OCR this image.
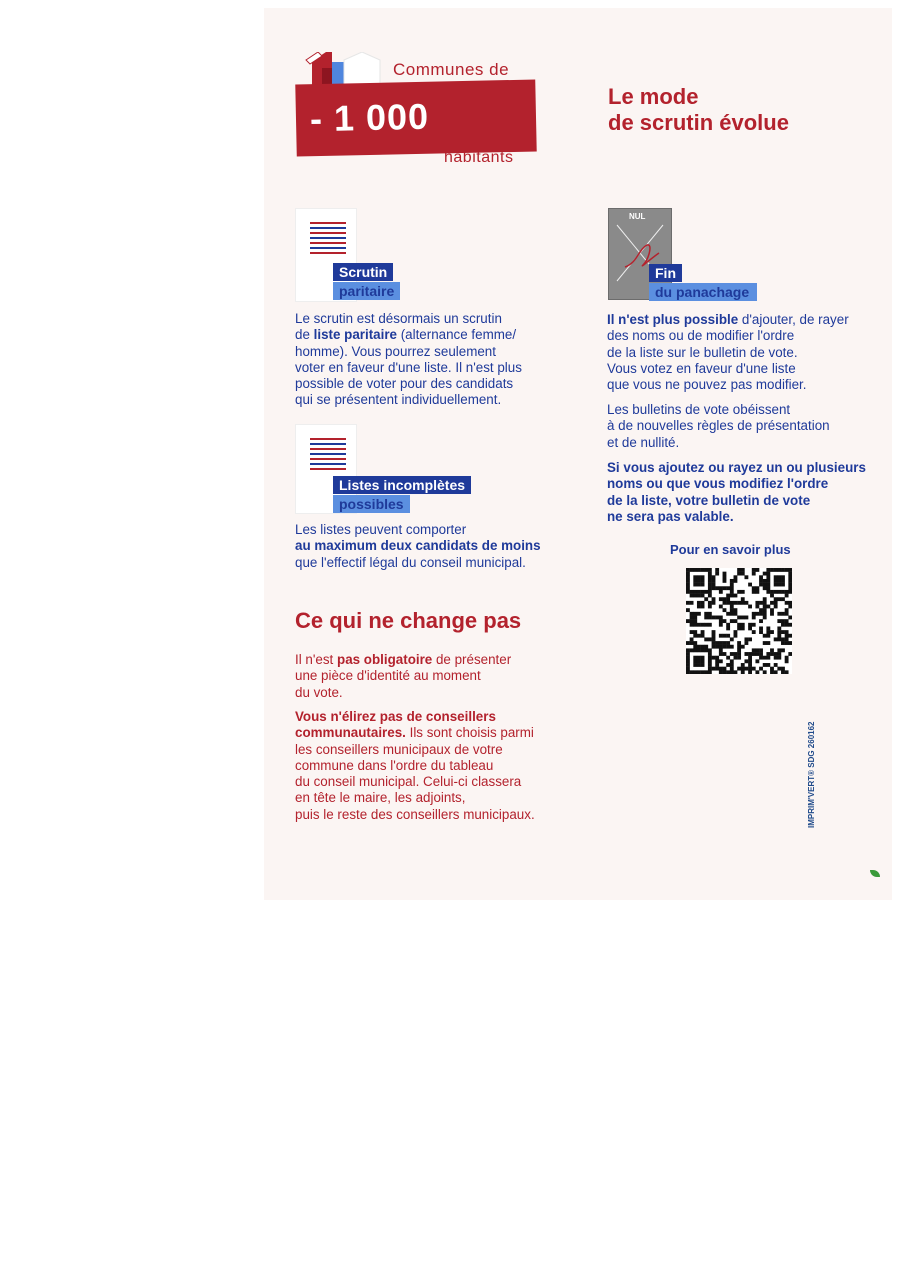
Communes de
- 1 000
habitants
Le mode
de scrutin évolue
Scrutin
paritaire
Le scrutin est désormais un scrutin
de liste paritaire (alternance femme/
homme). Vous pourrez seulement
voter en faveur d'une liste. Il n'est plus
possible de voter pour des candidats
qui se présentent individuellement.
Listes incomplètes
possibles
Les listes peuvent comporter
au maximum deux candidats de moins
que l'effectif légal du conseil municipal.
Ce qui ne change pas
Il n'est pas obligatoire de présenter
une pièce d'identité au moment
du vote.
Vous n'élirez pas de conseillers
communautaires. Ils sont choisis parmi
les conseillers municipaux de votre
commune dans l'ordre du tableau
du conseil municipal. Celui-ci classera
en tête le maire, les adjoints,
puis le reste des conseillers municipaux.
NUL
Fin
du panachage
Il n'est plus possible d'ajouter, de rayer
des noms ou de modifier l'ordre
de la liste sur le bulletin de vote.
Vous votez en faveur d'une liste
que vous ne pouvez pas modifier.
Les bulletins de vote obéissent
à de nouvelles règles de présentation
et de nullité.
Si vous ajoutez ou rayez un ou plusieurs
noms ou que vous modifiez l'ordre
de la liste, votre bulletin de vote
ne sera pas valable.
Pour en savoir plus
IMPRIM'VERT® SDG 260162
